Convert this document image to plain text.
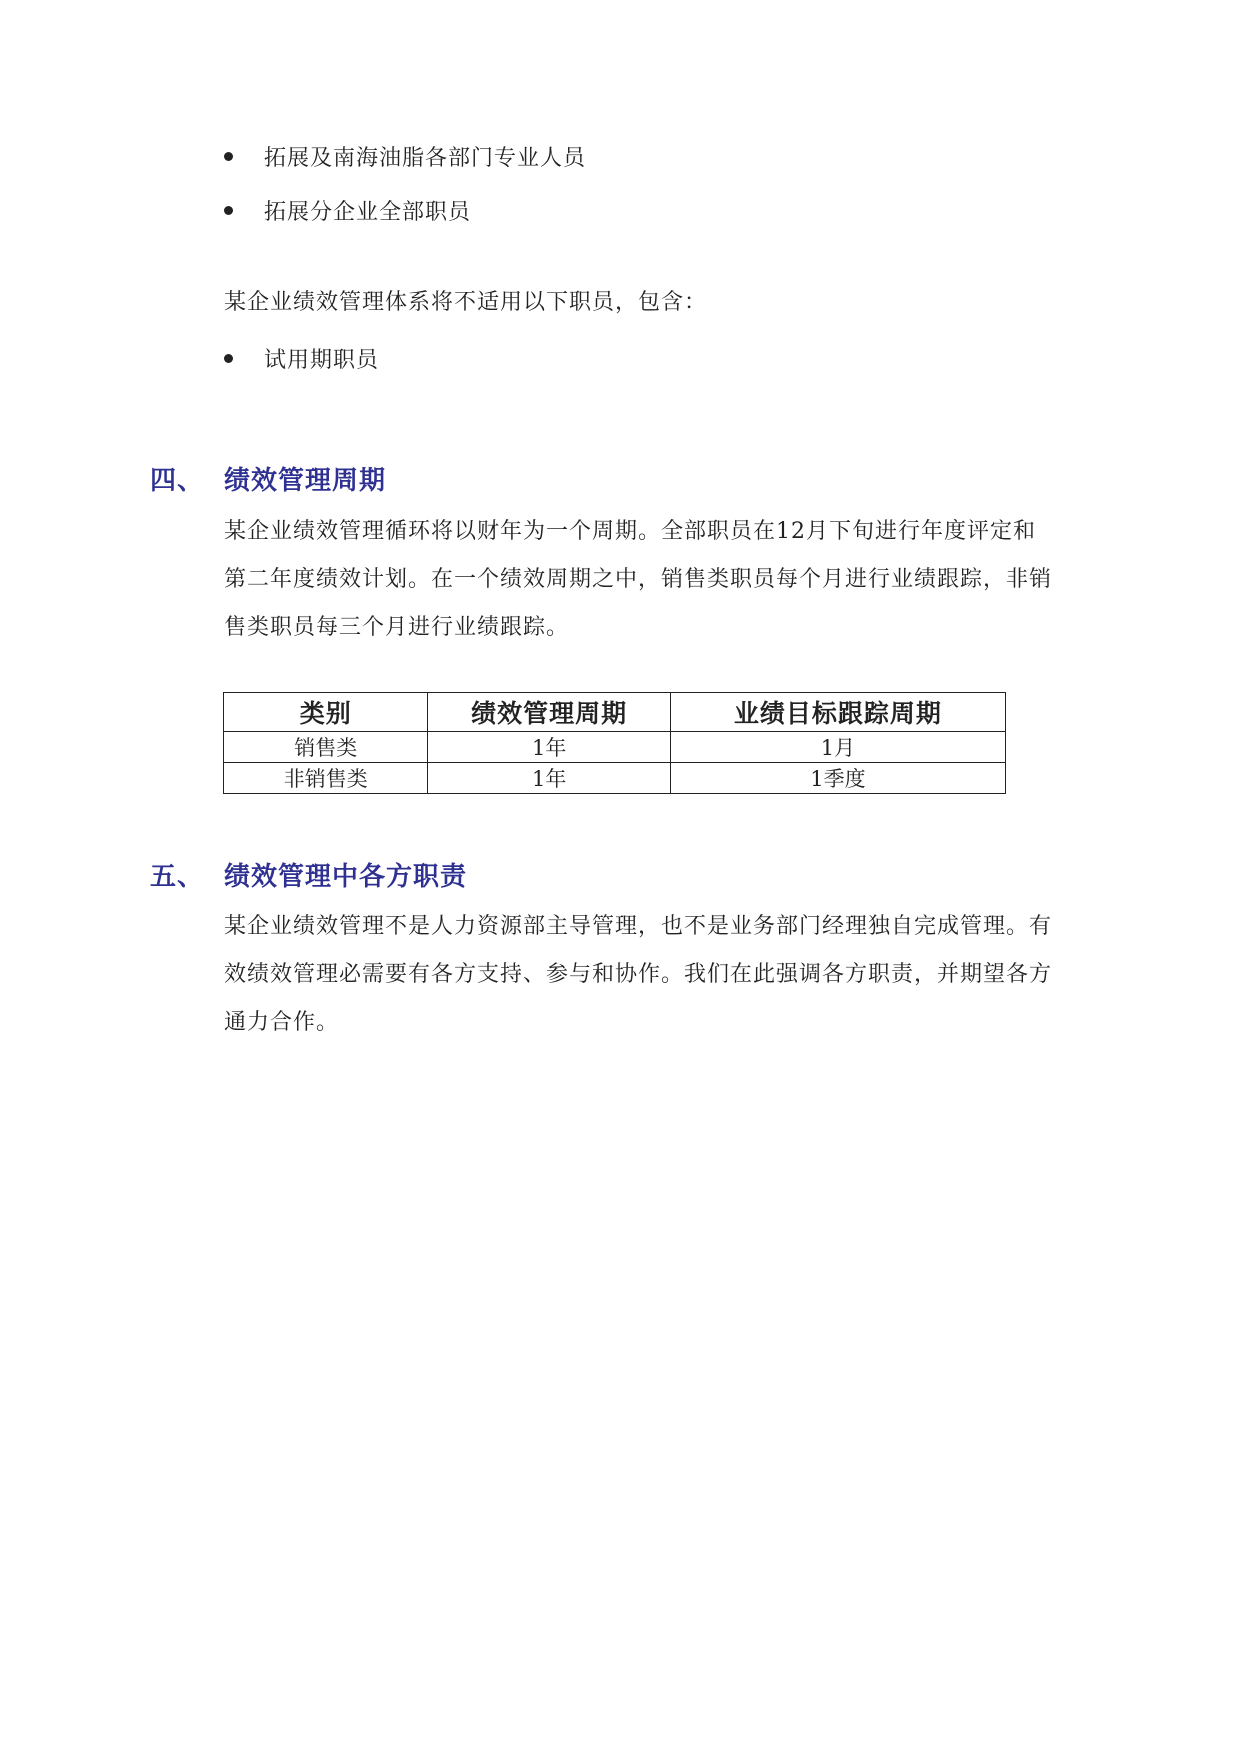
拓展及南海油脂各部门专业人员
拓展分企业全部职员
某企业绩效管理体系将不适用以下职员，包含：
试用期职员
四、 绩效管理周期
某企业绩效管理循环将以财年为一个周期。全部职员在12月下旬进行年度评定和
第二年度绩效计划。在一个绩效周期之中，销售类职员每个月进行业绩跟踪，非销
售类职员每三个月进行业绩跟踪。
类别	绩效管理周期	业绩目标跟踪周期
销售类	1年	1月
非销售类	1年	1季度
五、 绩效管理中各方职责
某企业绩效管理不是人力资源部主导管理，也不是业务部门经理独自完成管理。有
效绩效管理必需要有各方支持、参与和协作。我们在此强调各方职责，并期望各方
通力合作。
